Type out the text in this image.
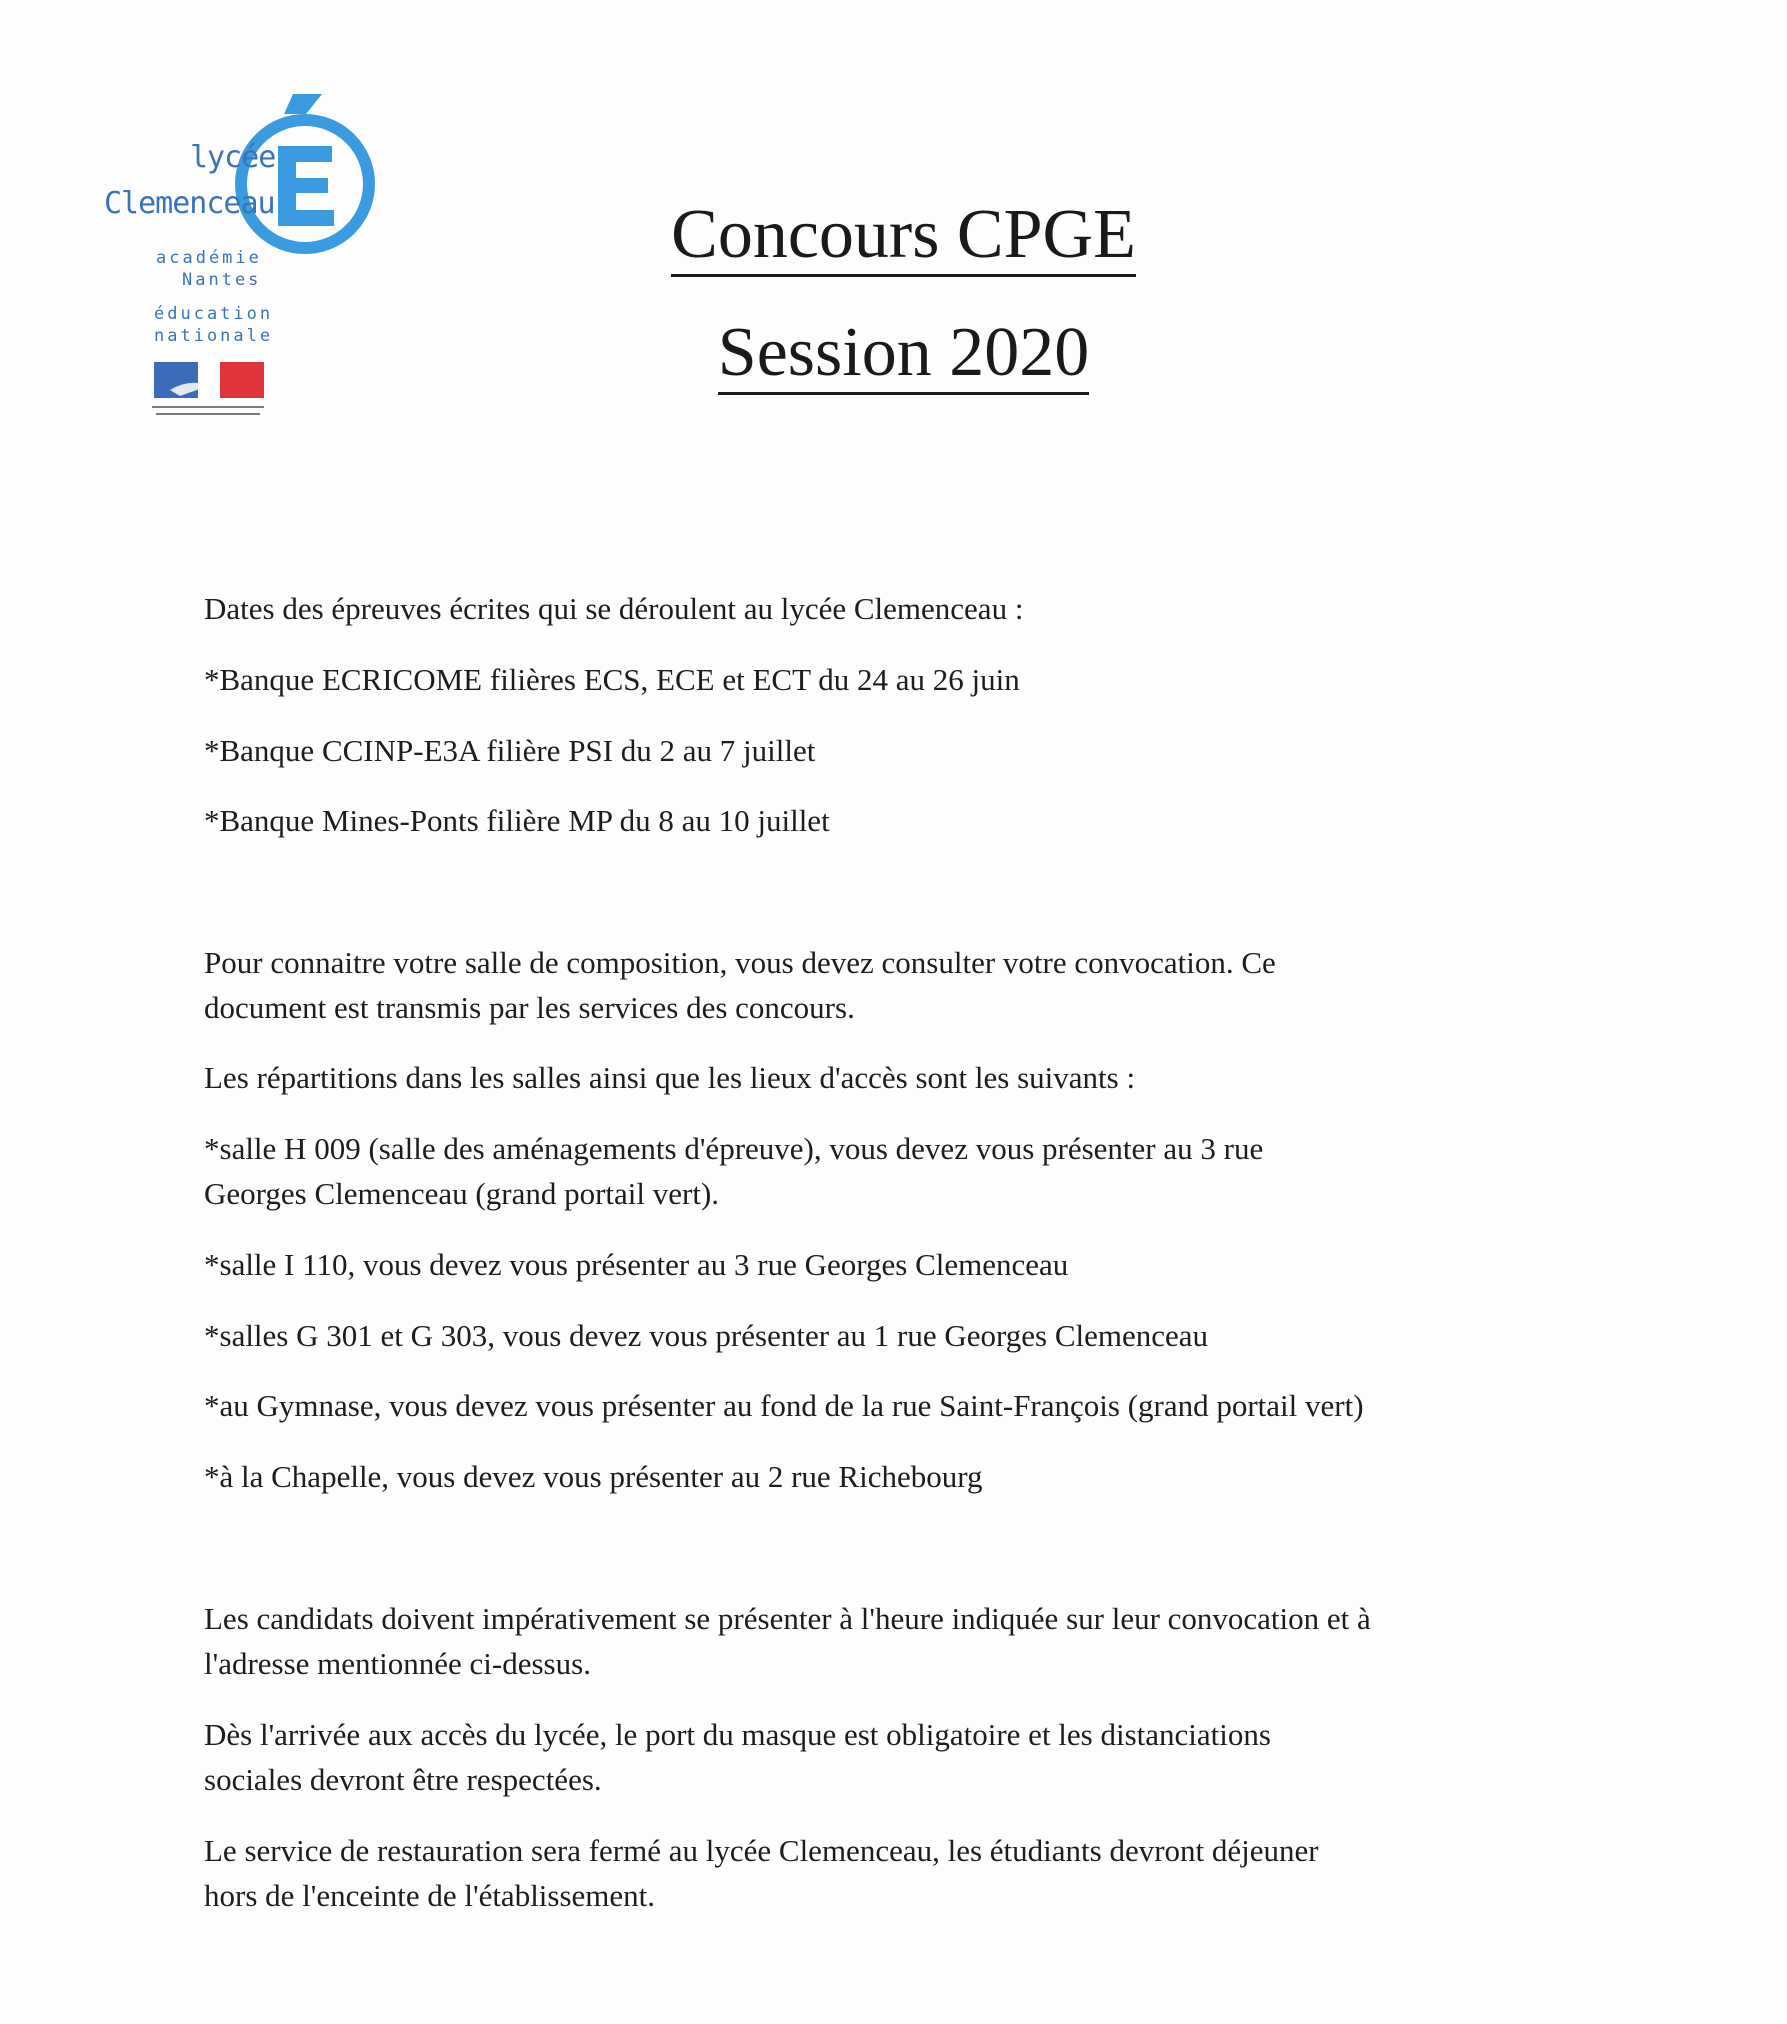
lycée
Clemenceau
académie
Nantes
éducation
nationale
Concours CPGE
Session 2020
Dates des épreuves écrites qui se déroulent au lycée Clemenceau :
*Banque ECRICOME filières ECS, ECE et ECT du 24 au 26 juin
*Banque CCINP-E3A filière PSI du 2 au 7 juillet
*Banque Mines-Ponts filière MP du 8 au 10 juillet
Pour connaitre votre salle de composition, vous devez consulter votre convocation. Ce
document est transmis par les services des concours.
Les répartitions dans les salles ainsi que les lieux d'accès sont les suivants :
*salle H 009 (salle des aménagements d'épreuve), vous devez vous présenter au 3 rue
Georges Clemenceau (grand portail vert).
*salle I 110, vous devez vous présenter au 3 rue Georges Clemenceau
*salles G 301 et G 303, vous devez vous présenter au 1 rue Georges Clemenceau
*au Gymnase, vous devez vous présenter au fond de la rue Saint-François (grand portail vert)
*à la Chapelle, vous devez vous présenter au 2 rue Richebourg
Les candidats doivent impérativement se présenter à l'heure indiquée sur leur convocation et à
l'adresse mentionnée ci-dessus.
Dès l'arrivée aux accès du lycée, le port du masque est obligatoire et les distanciations
sociales devront être respectées.
Le service de restauration sera fermé au lycée Clemenceau, les étudiants devront déjeuner
hors de l'enceinte de l'établissement.
